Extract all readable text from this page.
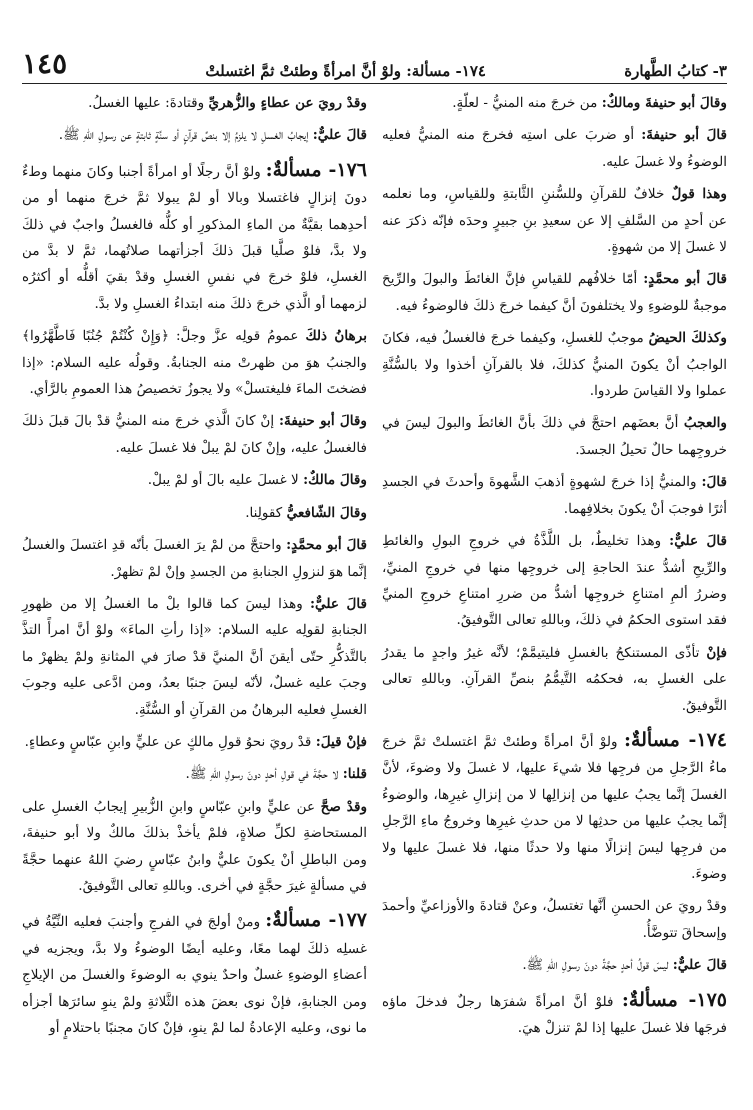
١٤٥	١٧٤- مسألة: ولوْ أنَّ امرأةً وطئتْ ثمَّ اغتسلتْ	٣- كتابُ الطَّهارة

وقالَ أبو حنيفةَ ومالكٌ: من خرجَ منه المنيُّ - لعلّةٍ.

قالَ أبو حنيفةَ: أو ضربَ على استِه فخرجَ منه المنيُّ فعليه الوضوءُ ولا غسلَ عليه.

وهذا قولٌ خلافٌ للقرآنِ وللسُّننِ الثَّابتةِ وللقياسِ، وما نعلمه عن أحدٍ من السَّلفِ إلا عن سعيدِ بنِ جبيرٍ وحدَه فإنّه ذكرَ عنه لا غسلَ إلا من شهوةٍ.

قالَ أبو محمَّدٍ: أمّا خلافُهم للقياسِ فإنَّ الغائطَ والبولَ والرِّيحَ موجبةٌ للوضوءِ ولا يختلفونَ أنَّ كيفما خرجَ ذلكَ فالوضوءُ فيه.

وكذلكَ الحيضُ موجبٌ للغسلِ، وكيفما خرجَ فالغسلُ فيه، فكانَ الواجبُ أنْ يكونَ المنيُّ كذلكَ، فلا بالقرآنِ أخذوا ولا بالسُّنَّةِ عملوا ولا القياسَ طردوا.

والعجبُ أنَّ بعضَهم احتجَّ في ذلكَ بأنَّ الغائطَ والبولَ ليسَ في خروجِهما حالٌ تحيلُ الجسدَ.

قالَ: والمنيُّ إذا خرجَ لشهوةٍ أذهبَ الشَّهوةَ وأحدثَ في الجسدِ أثرًا فوجبَ أنْ يكونَ بخلافِهما.

قالَ عليٌّ: وهذا تخليطٌ، بل اللَّذَّةُ في خروجِ البولِ والغائطِ والرِّيحِ أشدُّ عندَ الحاجةِ إلى خروجِها منها في خروجِ المنيِّ، وضررُ ألمِ امتناعِ خروجِها أشدُّ من ضررِ امتناعِ خروجِ المنيِّ فقد استوى الحكمُ في ذلكَ، وباللهِ تعالى التَّوفيقُ.

فإنْ تأذّى المستنكحُ بالغسلِ فليتيمَّمْ؛ لأنَّه غيرُ واجدٍ ما يقدرُ على الغسلِ به، فحكمُه التَّيمُّمُ بنصِّ القرآنِ. وباللهِ تعالى التَّوفيقُ.

١٧٤- مسألةٌ: ولوْ أنَّ امرأةً وطئتْ ثمَّ اغتسلتْ ثمَّ خرجَ ماءُ الرَّجلِ من فرجِها فلا شيءَ عليها، لا غسلَ ولا وضوءَ، لأنَّ الغسلَ إنَّما يجبُ عليها من إنزالِها لا من إنزالِ غيرِها، والوضوءُ إنَّما يجبُ عليها من حدثِها لا من حدثِ غيرِها وخروجُ ماءِ الرَّجلِ من فرجِها ليسَ إنزالًا منها ولا حدثًا منها، فلا غسلَ عليها ولا وضوءَ.

وقدْ رويَ عن الحسنِ أنَّها تغتسلُ، وعنْ قتادةَ والأوزاعيِّ وأحمدَ وإسحاقَ تتوضَّأُ.

قالَ عليٌّ: ليسَ قولُ أحدٍ حجَّةً دونَ رسولِ اللهِ ﷺ.

١٧٥- مسألةٌ: فلوْ أنَّ امرأةً شفرَها رجلٌ فدخلَ ماؤه فرجَها فلا غسلَ عليها إذا لمْ تنزلْ هيَ.

وقدْ رويَ عن عطاءٍ والزُّهريِّ وقتادةَ: عليها الغسلُ.

قالَ عليٌّ: إيجابُ الغسلِ لا يلزمُ إلا بنصِّ قرآنٍ أو سنَّةٍ ثابتةٍ عن رسولِ اللهِ ﷺ.

١٧٦- مسألةٌ: ولوْ أنَّ رجلًا أو امرأةً أجنبا وكانَ منهما وطءٌ دونَ إنزالٍ فاغتسلا وبالا أو لمْ يبولا ثمَّ خرجَ منهما أو من أحدِهما بقيَّةٌ من الماءِ المذكورِ أو كلُّه فالغسلُ واجبٌ في ذلكَ ولا بدَّ، فلوْ صلَّيا قبلَ ذلكَ أجزأتهما صلاتُهما، ثمَّ لا بدَّ من الغسلِ، فلوْ خرجَ في نفسِ الغسلِ وقدْ بقيَ أقلُّه أو أكثرُه لزمهما أو الَّذي خرجَ ذلكَ منه ابتداءُ الغسلِ ولا بدَّ.

برهانُ ذلكَ عمومُ قولِه عزَّ وجلَّ: ﴿وَإِنْ كُنْتُمْ جُنُبًا فَاطَّهَّرُوا﴾ والجنبُ هوَ من ظهرتْ منه الجنابةُ. وقولُه عليه السلام: «إذا فضختَ الماءَ فليغتسلْ» ولا يجوزُ تخصيصُ هذا العمومِ بالرَّأي.

وقالَ أبو حنيفةَ: إنْ كانَ الَّذي خرجَ منه المنيُّ قدْ بالَ قبلَ ذلكَ فالغسلُ عليه، وإنْ كانَ لمْ يبلْ فلا غسلَ عليه.

وقالَ مالكٌ: لا غسلَ عليه بالَ أو لمْ يبلْ.

وقالَ الشّافعيُّ كقولِنا.

قالَ أبو محمَّدٍ: واحتجَّ من لمْ يرَ الغسلَ بأنّه قدِ اغتسلَ والغسلُ إنَّما هوَ لنزولِ الجنابةِ من الجسدِ وإنْ لمْ تظهرْ.

قالَ عليٌّ: وهذا ليسَ كما قالوا بلْ ما الغسلُ إلا من ظهورِ الجنابةِ لقولِه عليه السلام: «إذا رأتِ الماءَ» ولوْ أنَّ امرأً التذَّ بالتَّذكُّرِ حتّى أيقنَ أنَّ المنيَّ قدْ صارَ في المثانةِ ولمْ يظهرْ ما وجبَ عليه غسلٌ، لأنّه ليسَ جنبًا بعدُ، ومن ادَّعى عليه وجوبَ الغسلِ فعليه البرهانُ من القرآنِ أو السُّنَّةِ.

فإنْ قيلَ: قدْ رويَ نحوُ قولِ مالكٍ عن عليٍّ وابنِ عبّاسٍ وعطاءٍ.

قلنا: لا حجَّةَ في قولِ أحدٍ دونَ رسولِ اللهِ ﷺ.

وقدْ صحَّ عن عليٍّ وابنِ عبّاسٍ وابنِ الزُّبيرِ إيجابُ الغسلِ على المستحاضةِ لكلِّ صلاةٍ، فلمْ يأخذْ بذلكَ مالكٌ ولا أبو حنيفةَ، ومن الباطلِ أنْ يكونَ عليٌّ وابنُ عبّاسٍ رضيَ اللهُ عنهما حجَّةً في مسألةٍ غيرَ حجَّةٍ في أخرى. وباللهِ تعالى التَّوفيقُ.

١٧٧- مسألةٌ: ومنْ أولجَ في الفرجِ وأجنبَ فعليه النِّيَّةُ في غسلِه ذلكَ لهما معًا، وعليه أيضًا الوضوءُ ولا بدَّ، ويجزيه في أعضاءِ الوضوءِ غسلٌ واحدٌ ينوي به الوضوءَ والغسلَ من الإيلاجِ ومن الجنابةِ، فإنْ نوى بعضَ هذه الثَّلاثةِ ولمْ ينوِ سائرَها أجزأه ما نوى، وعليه الإعادةُ لما لمْ ينوِ، فإنْ كانَ مجنبًا باحتلامٍ أو
